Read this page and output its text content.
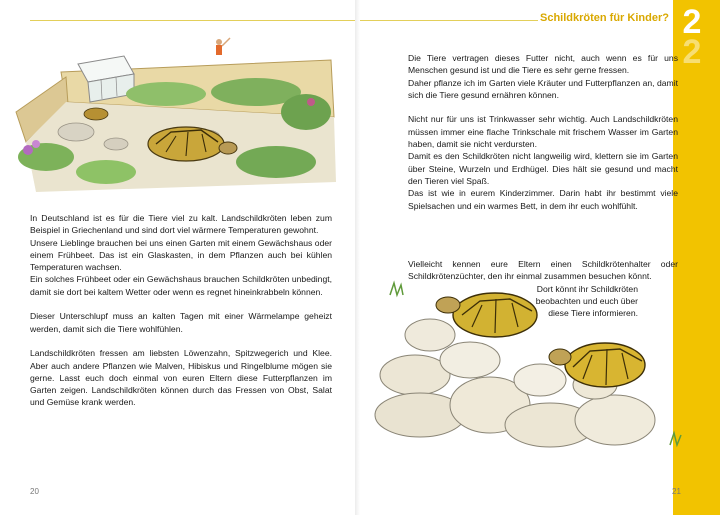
In Deutschland ist es für die Tiere viel zu kalt. Landschildkröten leben zum Beispiel in Griechenland und sind dort viel wärmere Temperaturen gewohnt.
Unsere Lieblinge brauchen bei uns einen Garten mit einem Gewächshaus oder einem Frühbeet. Das ist ein Glaskasten, in dem Pflanzen auch bei kühlen Temperaturen wachsen.
Ein solches Frühbeet oder ein Gewächshaus brauchen Schildkröten unbedingt, damit sie dort bei kaltem Wetter oder wenn es regnet hineinkrabbeln können.

Dieser Unterschlupf muss an kalten Tagen mit einer Wärmelampe geheizt werden, damit sich die Tiere wohlfühlen.

Landschildkröten fressen am liebsten Löwenzahn, Spitzwegerich und Klee. Aber auch andere Pflanzen wie Malven, Hibiskus und Ringelblume mögen sie gerne. Lasst euch doch einmal von euren Eltern diese Futterpflanzen im Garten zeigen. Landschildkröten können durch das Fressen von Obst, Salat und Gemüse krank werden.

20
Schildkröten für Kinder? 2
2

Die Tiere vertragen dieses Futter nicht, auch wenn es für uns Menschen gesund ist und die Tiere es sehr gerne fressen.
Daher pflanze ich im Garten viele Kräuter und Futterpflanzen an, damit sich die Tiere gesund ernähren können.

Nicht nur für uns ist Trinkwasser sehr wichtig. Auch Landschildkröten müssen immer eine flache Trinkschale mit frischem Wasser im Garten haben, damit sie nicht verdursten.
Damit es den Schildkröten nicht langweilig wird, klettern sie im Garten über Steine, Wurzeln und Erdhügel. Dies hält sie gesund und macht den Tieren viel Spaß.
Das ist wie in eurem Kinderzimmer. Darin habt ihr bestimmt viele Spielsachen und ein warmes Bett, in dem ihr euch wohlfühlt.

Vielleicht kennen eure Eltern einen Schildkrötenhalter oder Schildkrötenzüchter, den ihr einmal zusammen besuchen könnt.
Dort könnt ihr Schildkröten
beobachten und euch über
diese Tiere informieren.
21
